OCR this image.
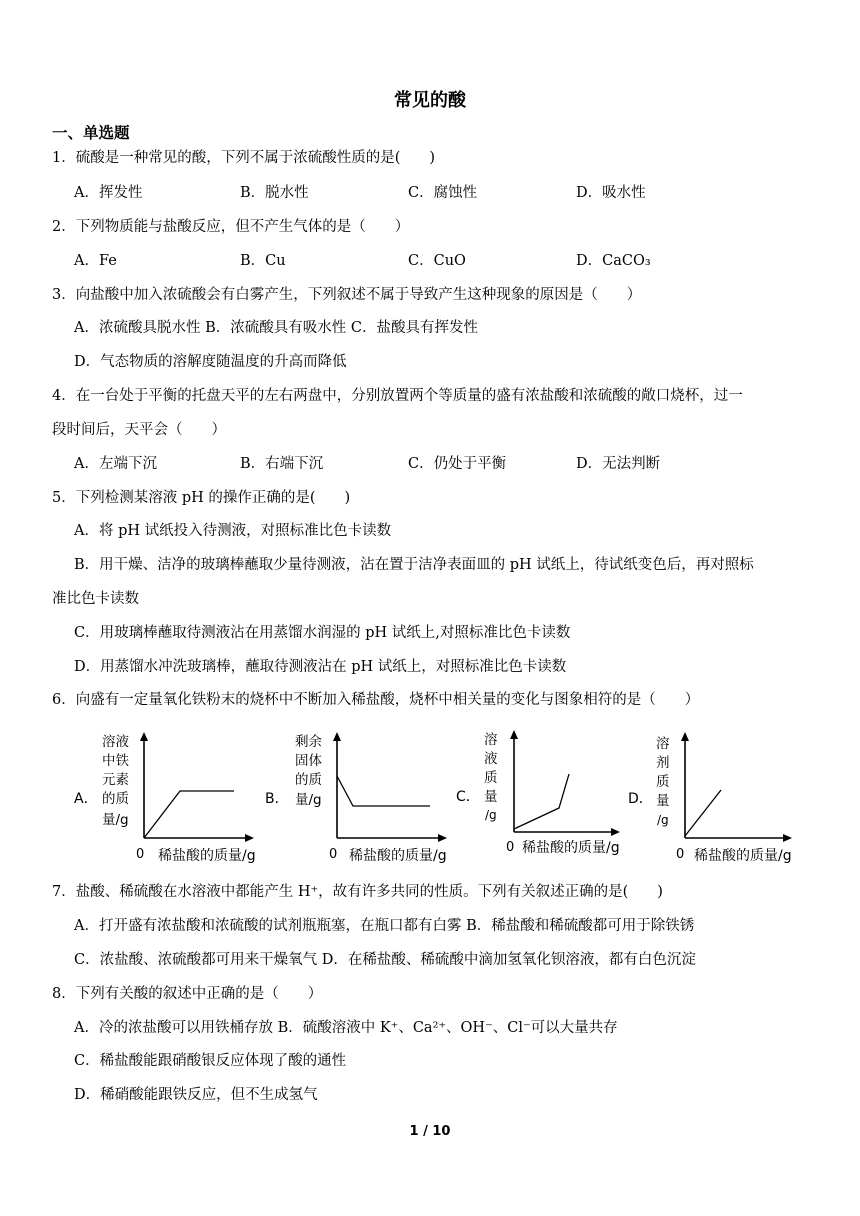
常见的酸
一、单选题
1．硫酸是一种常见的酸，下列不属于浓硫酸性质的是(　　)
A．挥发性	B．脱水性	C．腐蚀性	D．吸水性
2．下列物质能与盐酸反应，但不产生气体的是（　　）
A．Fe	B．Cu	C．CuO	D．CaCO₃
3．向盐酸中加入浓硫酸会有白雾产生，下列叙述不属于导致产生这种现象的原因是（　　）
A．浓硫酸具脱水性 B．浓硫酸具有吸水性 C．盐酸具有挥发性
D．气态物质的溶解度随温度的升高而降低
4．在一台处于平衡的托盘天平的左右两盘中，分别放置两个等质量的盛有浓盐酸和浓硫酸的敞口烧杯，过一
段时间后，天平会（　　）
A．左端下沉	B．右端下沉	C．仍处于平衡	D．无法判断
5．下列检测某溶液 pH 的操作正确的是(　　)
A．将 pH 试纸投入待测液，对照标准比色卡读数
B．用干燥、洁净的玻璃棒蘸取少量待测液，沾在置于洁净表面皿的 pH 试纸上，待试纸变色后，再对照标
准比色卡读数
C．用玻璃棒蘸取待测液沾在用蒸馏水润湿的 pH 试纸上,对照标准比色卡读数
D．用蒸馏水冲洗玻璃棒，蘸取待测液沾在 pH 试纸上，对照标准比色卡读数
6．向盛有一定量氧化铁粉末的烧杯中不断加入稀盐酸，烧杯中相关量的变化与图象相符的是（　　）
A．
溶液
中铁
元素
的质
量/g
0 稀盐酸的质量/g
B．
剩余
固体
的质
量/g
0 稀盐酸的质量/g
C．
溶
液
质
量
/g
0 稀盐酸的质量/g
D．
溶
剂
质
量
/g
0 稀盐酸的质量/g
7．盐酸、稀硫酸在水溶液中都能产生 H⁺，故有许多共同的性质。下列有关叙述正确的是(　　)
A．打开盛有浓盐酸和浓硫酸的试剂瓶瓶塞，在瓶口都有白雾 B．稀盐酸和稀硫酸都可用于除铁锈
C．浓盐酸、浓硫酸都可用来干燥氧气 D．在稀盐酸、稀硫酸中滴加氢氧化钡溶液，都有白色沉淀
8．下列有关酸的叙述中正确的是（　　）
A．冷的浓盐酸可以用铁桶存放 B．硫酸溶液中 K⁺、Ca²⁺、OH⁻、Cl⁻可以大量共存
C．稀盐酸能跟硝酸银反应体现了酸的通性
D．稀硝酸能跟铁反应，但不生成氢气
1 / 10
